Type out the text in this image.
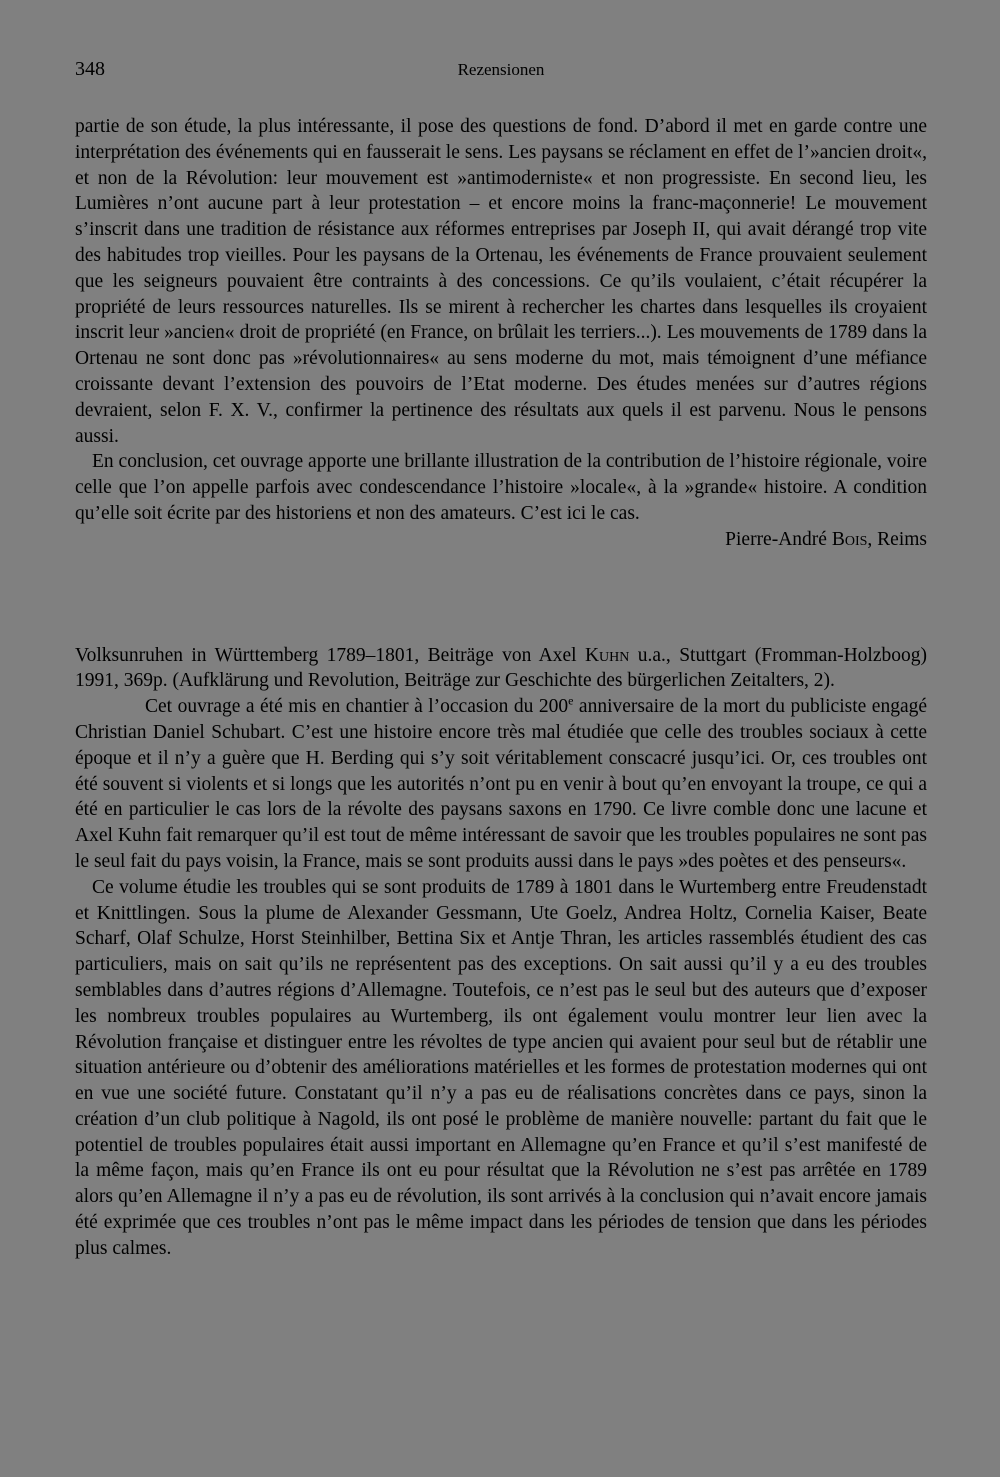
348	Rezensionen

partie de son étude, la plus intéressante, il pose des questions de fond. D’abord il met en garde contre une interprétation des événements qui en fausserait le sens. Les paysans se réclament en effet de l’»ancien droit«, et non de la Révolution: leur mouvement est »antimoderniste« et non progressiste. En second lieu, les Lumières n’ont aucune part à leur protestation – et encore moins la franc-maçonnerie! Le mouvement s’inscrit dans une tradition de résistance aux réformes entreprises par Joseph II, qui avait dérangé trop vite des habitudes trop vieilles. Pour les paysans de la Ortenau, les événements de France prouvaient seulement que les seigneurs pouvaient être contraints à des concessions. Ce qu’ils voulaient, c’était récupérer la propriété de leurs ressources naturelles. Ils se mirent à rechercher les chartes dans lesquelles ils croyaient inscrit leur »ancien« droit de propriété (en France, on brûlait les terriers...). Les mouvements de 1789 dans la Ortenau ne sont donc pas »révolutionnaires« au sens moderne du mot, mais témoignent d’une méfiance croissante devant l’extension des pouvoirs de l’Etat moderne. Des études menées sur d’autres régions devraient, selon F. X. V., confirmer la pertinence des résultats aux quels il est parvenu. Nous le pensons aussi.

En conclusion, cet ouvrage apporte une brillante illustration de la contribution de l’histoire régionale, voire celle que l’on appelle parfois avec condescendance l’histoire »locale«, à la »grande« histoire. A condition qu’elle soit écrite par des historiens et non des amateurs. C’est ici le cas.

Pierre-André Bois, Reims

Volksunruhen in Württemberg 1789–1801, Beiträge von Axel Kuhn u.a., Stuttgart (Fromman-Holzboog) 1991, 369p. (Aufklärung und Revolution, Beiträge zur Geschichte des bürgerlichen Zeitalters, 2).

Cet ouvrage a été mis en chantier à l’occasion du 200e anniversaire de la mort du publiciste engagé Christian Daniel Schubart. C’est une histoire encore très mal étudiée que celle des troubles sociaux à cette époque et il n’y a guère que H. Berding qui s’y soit véritablement conscacré jusqu’ici. Or, ces troubles ont été souvent si violents et si longs que les autorités n’ont pu en venir à bout qu’en envoyant la troupe, ce qui a été en particulier le cas lors de la révolte des paysans saxons en 1790. Ce livre comble donc une lacune et Axel Kuhn fait remarquer qu’il est tout de même intéressant de savoir que les troubles populaires ne sont pas le seul fait du pays voisin, la France, mais se sont produits aussi dans le pays »des poètes et des penseurs«.

Ce volume étudie les troubles qui se sont produits de 1789 à 1801 dans le Wurtemberg entre Freudenstadt et Knittlingen. Sous la plume de Alexander Gessmann, Ute Goelz, Andrea Holtz, Cornelia Kaiser, Beate Scharf, Olaf Schulze, Horst Steinhilber, Bettina Six et Antje Thran, les articles rassemblés étudient des cas particuliers, mais on sait qu’ils ne représentent pas des exceptions. On sait aussi qu’il y a eu des troubles semblables dans d’autres régions d’Allemagne. Toutefois, ce n’est pas le seul but des auteurs que d’exposer les nombreux troubles populaires au Wurtemberg, ils ont également voulu montrer leur lien avec la Révolution française et distinguer entre les révoltes de type ancien qui avaient pour seul but de rétablir une situation antérieure ou d’obtenir des améliorations matérielles et les formes de protestation modernes qui ont en vue une société future. Constatant qu’il n’y a pas eu de réalisations concrètes dans ce pays, sinon la création d’un club politique à Nagold, ils ont posé le problème de manière nouvelle: partant du fait que le potentiel de troubles populaires était aussi important en Allemagne qu’en France et qu’il s’est manifesté de la même façon, mais qu’en France ils ont eu pour résultat que la Révolution ne s’est pas arrêtée en 1789 alors qu’en Allemagne il n’y a pas eu de révolution, ils sont arrivés à la conclusion qui n’avait encore jamais été exprimée que ces troubles n’ont pas le même impact dans les périodes de tension que dans les périodes plus calmes.
